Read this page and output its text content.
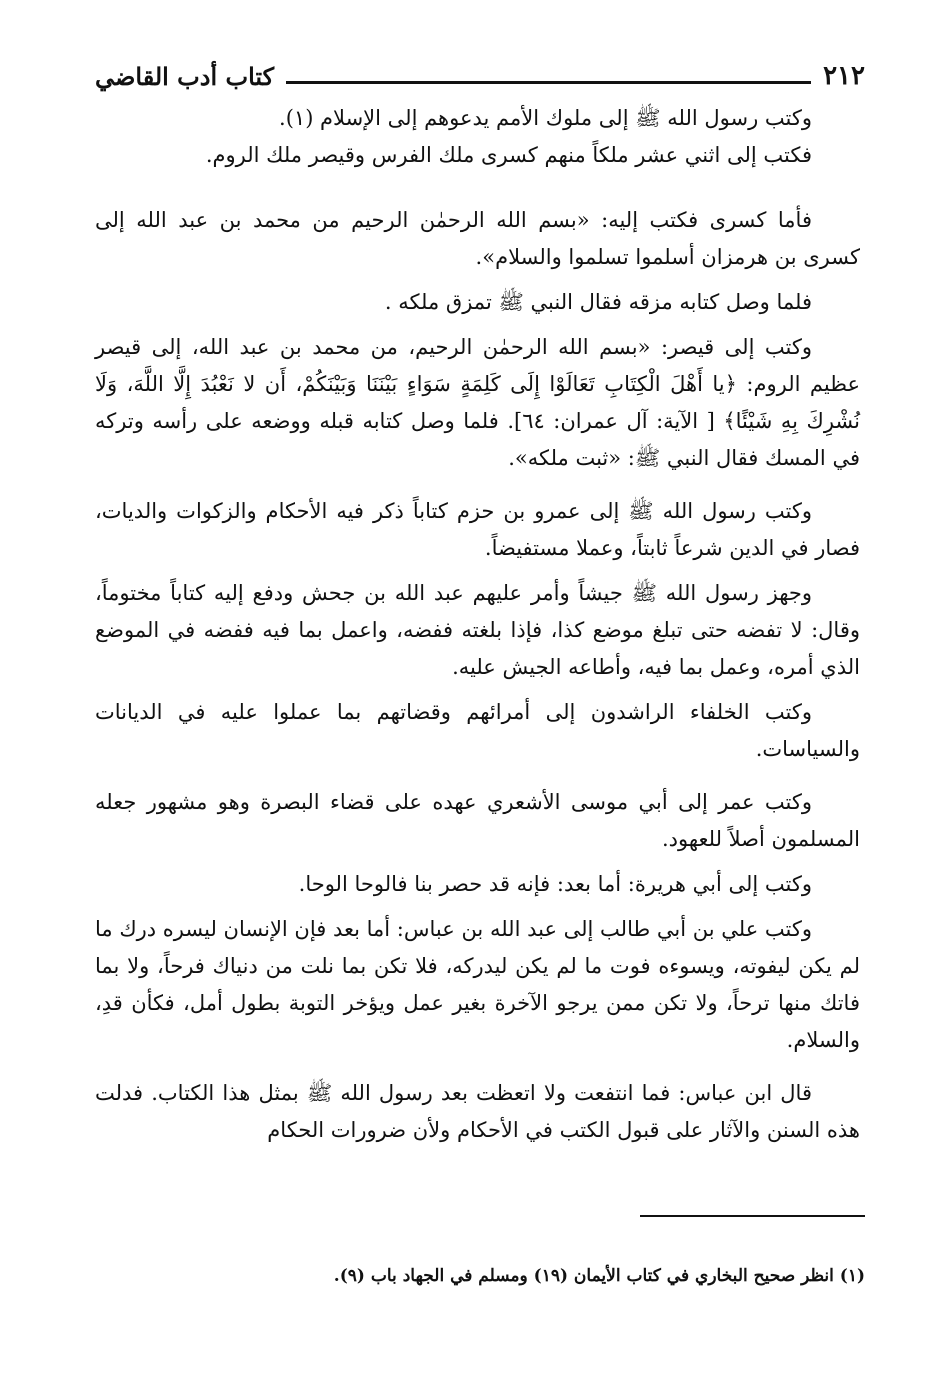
٢١٢
كتاب أدب القاضي

وكتب رسول الله ﷺ إلى ملوك الأمم يدعوهم إلى الإسلام (١).

فكتب إلى اثني عشر ملكاً منهم كسرى ملك الفرس وقيصر ملك الروم.

فأما كسرى فكتب إليه: «بسم الله الرحمٰن الرحيم من محمد بن عبد الله إلى كسرى بن هرمزان أسلموا تسلموا والسلام».

فلما وصل كتابه مزقه فقال النبي ﷺ تمزق ملكه .

وكتب إلى قيصر: «بسم الله الرحمٰن الرحيم، من محمد بن عبد الله، إلى قيصر عظيم الروم: ﴿يا أَهْلَ الْكِتَابِ تَعَالَوْا إِلَى كَلِمَةٍ سَوَاءٍ بَيْنَنَا وَبَيْنَكُمْ، أَن لا نَعْبُدَ إِلَّا اللَّهَ، وَلَا نُشْرِكَ بِهِ شَيْئًا﴾ [ الآية: آل عمران: ٦٤]. فلما وصل كتابه قبله ووضعه على رأسه وتركه في المسك فقال النبي ﷺ: «ثبت ملكه».

وكتب رسول الله ﷺ إلى عمرو بن حزم كتاباً ذكر فيه الأحكام والزكوات والديات، فصار في الدين شرعاً ثابتاً، وعملا مستفيضاً.

وجهز رسول الله ﷺ جيشاً وأمر عليهم عبد الله بن جحش ودفع إليه كتاباً مختوماً، وقال: لا تفضه حتى تبلغ موضع كذا، فإذا بلغته ففضه، واعمل بما فيه ففضه في الموضع الذي أمره، وعمل بما فيه، وأطاعه الجيش عليه.

وكتب الخلفاء الراشدون إلى أمرائهم وقضاتهم بما عملوا عليه في الديانات والسياسات.

وكتب عمر إلى أبي موسى الأشعري عهده على قضاء البصرة وهو مشهور جعله المسلمون أصلاً للعهود.

وكتب إلى أبي هريرة: أما بعد: فإنه قد حصر بنا فالوحا الوحا.

وكتب علي بن أبي طالب إلى عبد الله بن عباس: أما بعد فإن الإنسان ليسره درك ما لم يكن ليفوته، ويسوءه فوت ما لم يكن ليدركه، فلا تكن بما نلت من دنياك فرحاً، ولا بما فاتك منها ترحاً، ولا تكن ممن يرجو الآخرة بغير عمل ويؤخر التوبة بطول أمل، فكأن قدِ، والسلام.

قال ابن عباس: فما انتفعت ولا اتعظت بعد رسول الله ﷺ بمثل هذا الكتاب. فدلت هذه السنن والآثار على قبول الكتب في الأحكام ولأن ضرورات الحكام

(١) انظر صحيح البخاري في كتاب الأيمان (١٩) ومسلم في الجهاد باب (٩).
